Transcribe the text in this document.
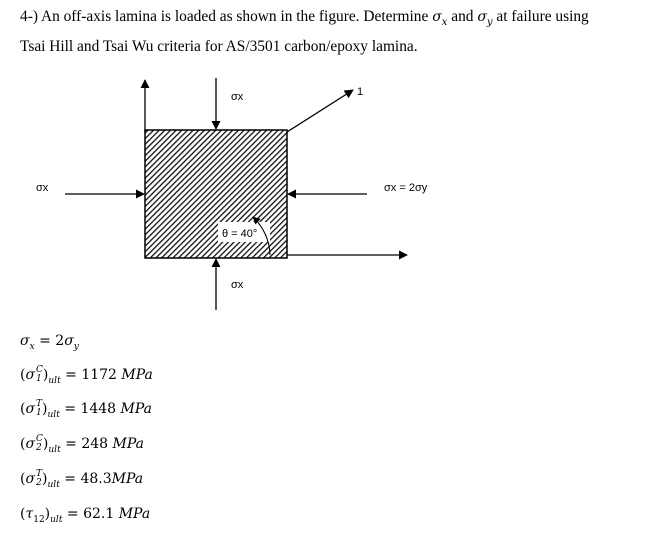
4-) An off-axis lamina is loaded as shown in the figure. Determine $\sigma_x$ and $\sigma_y$ at failure using
Tsai Hill and Tsai Wu criteria for AS/3501 carbon/epoxy lamina.
1
σx
σx
σx	σx = 2σy
θ = 40°
$\sigma_x = 2\sigma_y$
(σ C
1 )$_{ult} = 1172$ MPa
(σ T
1 )$_{ult} = 1448$ MPa
(σ C
2 )$_{ult} = 248$ MPa
(σ T
2 )$_{ult} = 48.3MPa$
$(\tau_{12})_{ult} = 62.1$ MPa
